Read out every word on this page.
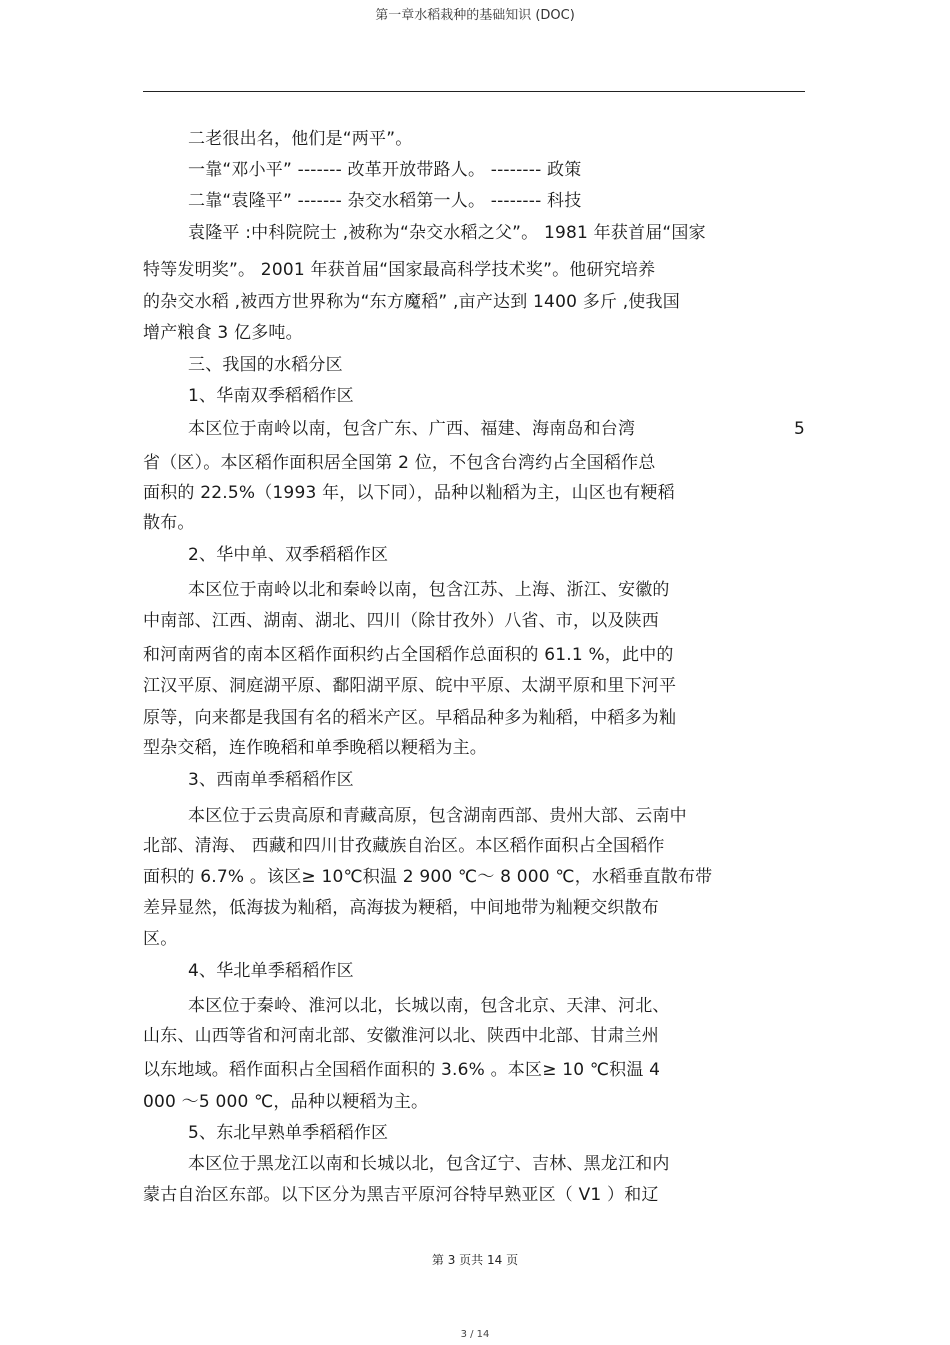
第一章水稻栽种的基础知识 (DOC)
二老很出名，他们是“两平”。
一靠“邓小平” ------- 改革开放带路人。 -------- 政策
二靠“袁隆平” ------- 杂交水稻第一人。 -------- 科技
袁隆平 :中科院院士 ,被称为“杂交水稻之父”。 1981 年获首届“国家
特等发明奖”。 2001 年获首届“国家最高科学技术奖”。他研究培养
的杂交水稻 ,被西方世界称为“东方魔稻” ,亩产达到 1400 多斤 ,使我国
增产粮食 3 亿多吨。
三、我国的水稻分区
1、华南双季稻稻作区
本区位于南岭以南，包含广东、广西、福建、海南岛和台湾	5
省（区）。本区稻作面积居全国第 2 位，不包含台湾约占全国稻作总
面积的 22.5%（1993 年，以下同），品种以籼稻为主，山区也有粳稻
散布。
2、华中单、双季稻稻作区
本区位于南岭以北和秦岭以南，包含江苏、上海、浙江、安徽的
中南部、江西、湖南、湖北、四川（除甘孜外）八省、市，以及陕西
和河南两省的南本区稻作面积约占全国稻作总面积的 61.1 %，此中的
江汉平原、洞庭湖平原、鄱阳湖平原、皖中平原、太湖平原和里下河平
原等，向来都是我国有名的稻米产区。早稻品种多为籼稻，中稻多为籼
型杂交稻，连作晚稻和单季晚稻以粳稻为主。
3、西南单季稻稻作区
本区位于云贵高原和青藏高原，包含湖南西部、贵州大部、云南中
北部、清海、 西藏和四川甘孜藏族自治区。本区稻作面积占全国稻作
面积的 6.7% 。该区≥ 10℃积温 2 900 ℃～ 8 000 ℃，水稻垂直散布带
差异显然，低海拔为籼稻，高海拔为粳稻，中间地带为籼粳交织散布
区。
4、华北单季稻稻作区
本区位于秦岭、淮河以北，长城以南，包含北京、天津、河北、
山东、山西等省和河南北部、安徽淮河以北、陕西中北部、甘肃兰州
以东地域。稻作面积占全国稻作面积的 3.6% 。本区≥ 10 ℃积温 4
000 ～5 000 ℃，品种以粳稻为主。
5、东北早熟单季稻稻作区
本区位于黑龙江以南和长城以北，包含辽宁、吉林、黑龙江和内
蒙古自治区东部。以下区分为黑吉平原河谷特早熟亚区（ V1 ）和辽
第 3 页共 14 页
3 / 14
